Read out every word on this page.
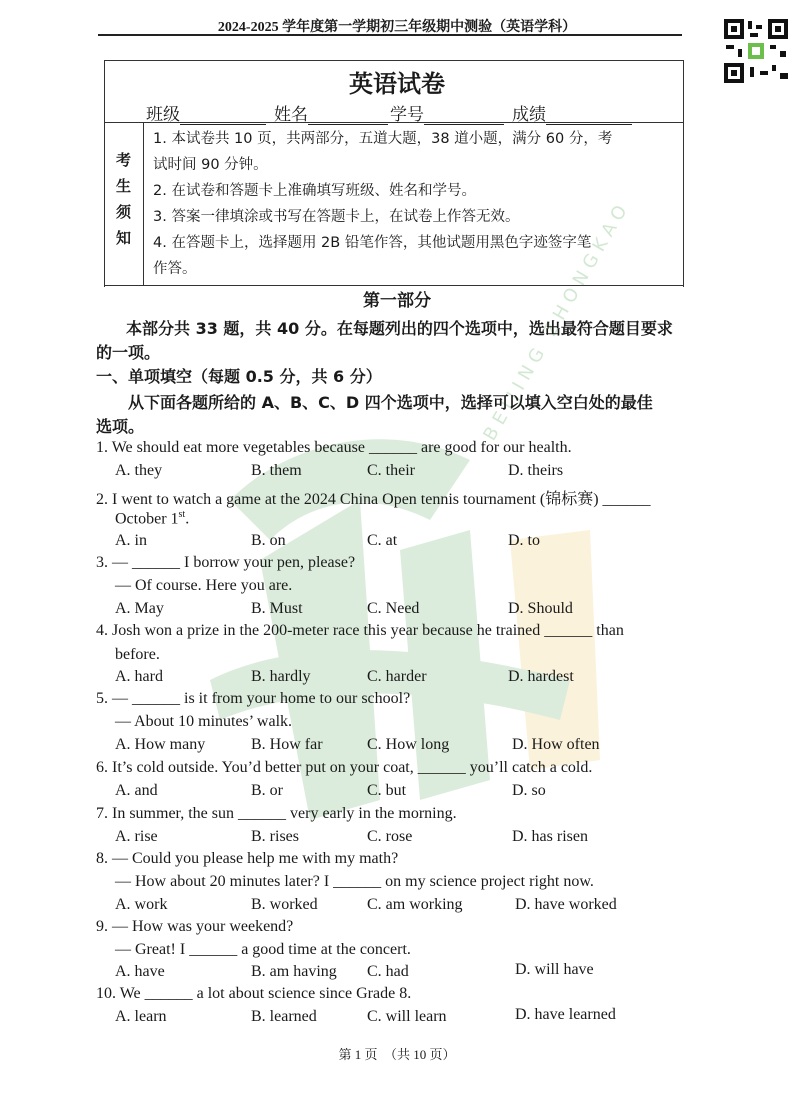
2024-2025 学年度第一学期初三年级期中测验（英语学科）
英语试卷
班级	姓名	学号	成绩
考
生
须
知
1. 本试卷共 10 页，共两部分，五道大题，38 道小题，满分 60 分，考
试时间 90 分钟。
2. 在试卷和答题卡上准确填写班级、姓名和学号。
3. 答案一律填涂或书写在答题卡上，在试卷上作答无效。
4. 在答题卡上，选择题用 2B 铅笔作答，其他试题用黑色字迹签字笔
作答。	BEIJING ZHONGKAO
第一部分
本部分共 33 题，共 40 分。在每题列出的四个选项中，选出最符合题目要求
的一项。
一、单项填空（每题 0.5 分，共 6 分）
从下面各题所给的 A、B、C、D 四个选项中，选择可以填入空白处的最佳
选项。
1. We should eat more vegetables because ______ are good for our health.
A. they	B. them	C. their	D. theirs
2. I went to watch a game at the 2024 China Open tennis tournament (锦标赛) ______
October 1st.
A. in	B. on	C. at	D. to
3. — ______ I borrow your pen, please?
— Of course. Here you are.
A. May	B. Must	C. Need	D. Should
4. Josh won a prize in the 200-meter race this year because he trained ______ than
before.
A. hard	B. hardly	C. harder	D. hardest
5. — ______ is it from your home to our school?
— About 10 minutes’ walk.
A. How many	B. How far	C. How long	D. How often
6. It’s cold outside. You’d better put on your coat, ______ you’ll catch a cold.
A. and	B. or	C. but	D. so
7. In summer, the sun ______ very early in the morning.
A. rise	B. rises	C. rose	D. has risen
8. — Could you please help me with my math?
— How about 20 minutes later? I ______ on my science project right now.
A. work	B. worked	C. am working	D. have worked
9. — How was your weekend?
— Great! I ______ a good time at the concert.
A. have	B. am having C. had	D. will have
10. We ______ a lot about science since Grade 8.
A. learn	B. learned	C. will learn	D. have learned
第 1 页　（共 10 页）
